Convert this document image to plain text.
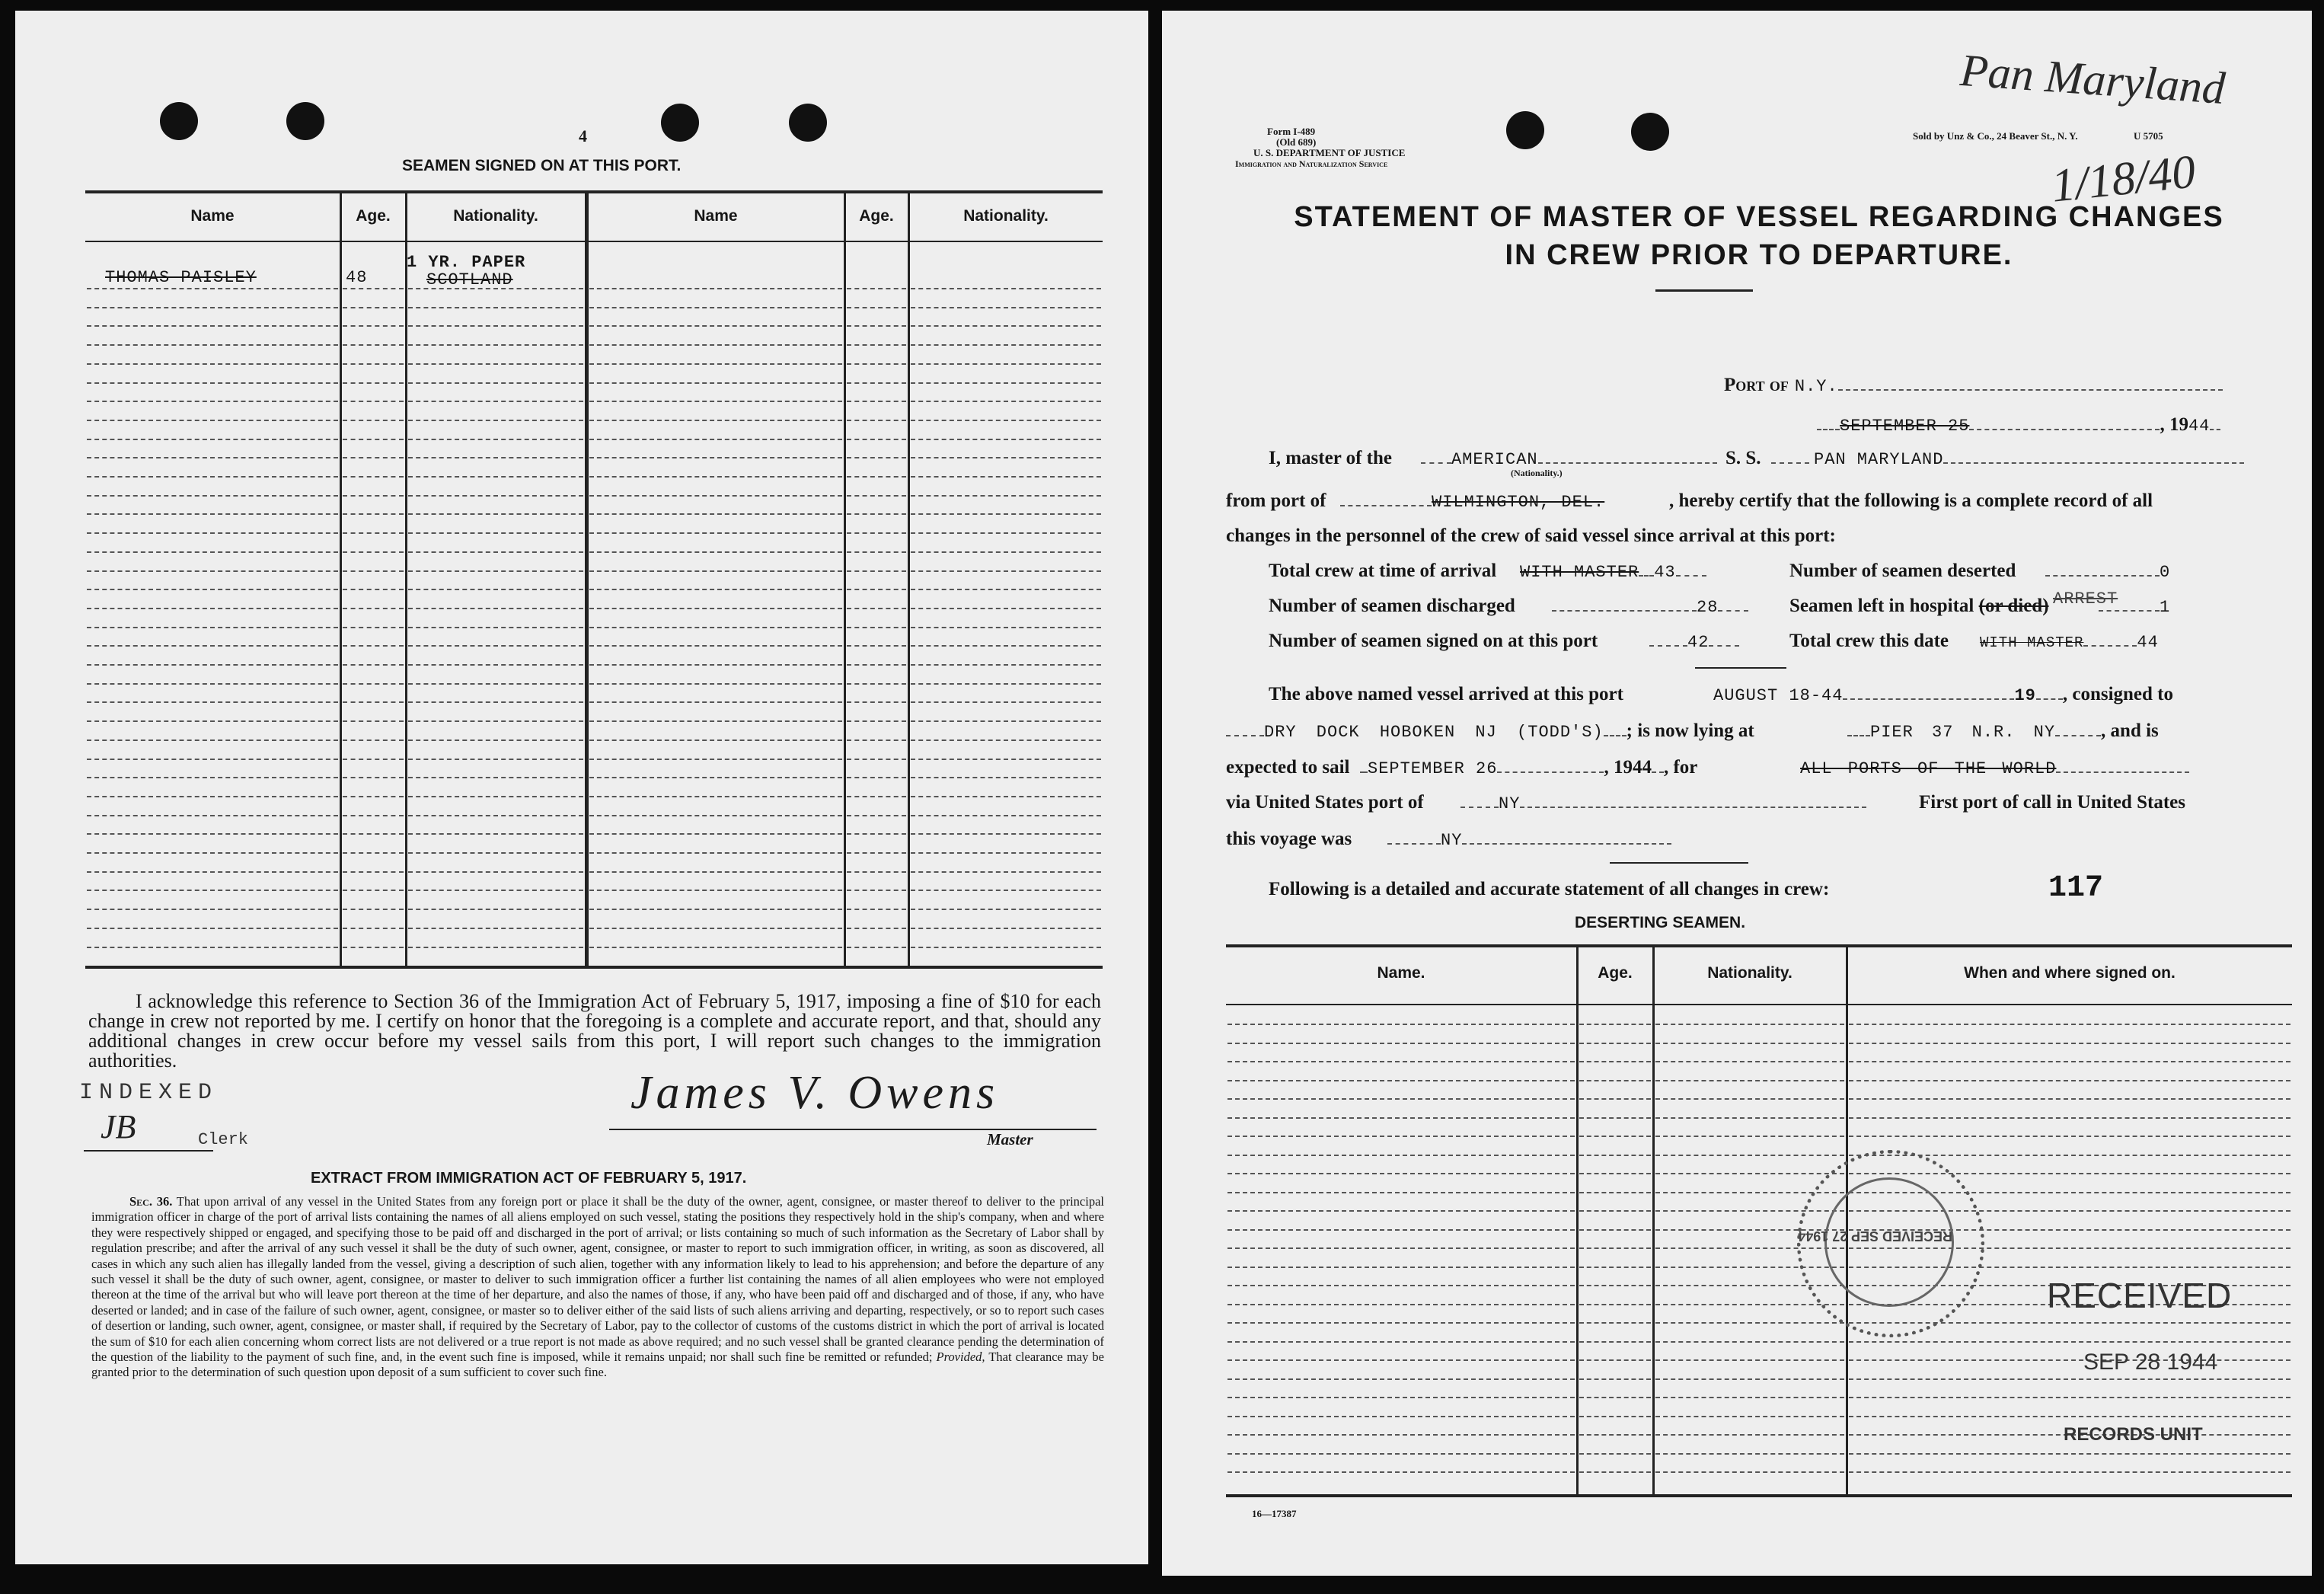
4
SEAMEN SIGNED ON AT THIS PORT.
Name	Age.	Nationality.	Name	Age.	Nationality.
THOMAS PAISLEY	48
1 YR. PAPER
SCOTLAND
I acknowledge this reference to Section 36 of the Immigration Act of February 5, 1917, imposing a fine of $10 for each change in crew not reported by me. I certify on honor that the foregoing is a complete and accurate report, and that, should any additional changes in crew occur before my vessel sails from this port, I will report such changes to the immigration authorities.
INDEXED
JB	Clerk
James V. Owens
Master
EXTRACT FROM IMMIGRATION ACT OF FEBRUARY 5, 1917.
Sec. 36. That upon arrival of any vessel in the United States from any foreign port or place it shall be the duty of the owner, agent, consignee, or master thereof to deliver to the principal immigration officer in charge of the port of arrival lists containing the names of all aliens employed on such vessel, stating the positions they respectively hold in the ship's company, when and where they were respectively shipped or engaged, and specifying those to be paid off and discharged in the port of arrival; or lists containing so much of such information as the Secretary of Labor shall by regulation prescribe; and after the arrival of any such vessel it shall be the duty of such owner, agent, consignee, or master to report to such immigration officer, in writing, as soon as discovered, all cases in which any such alien has illegally landed from the vessel, giving a description of such alien, together with any information likely to lead to his apprehension; and before the departure of any such vessel it shall be the duty of such owner, agent, consignee, or master to deliver to such immigration officer a further list containing the names of all alien employees who were not employed thereon at the time of the arrival but who will leave port thereon at the time of her departure, and also the names of those, if any, who have been paid off and discharged and of those, if any, who have deserted or landed; and in case of the failure of such owner, agent, consignee, or master so to deliver either of the said lists of such aliens arriving and departing, respectively, or so to report such cases of desertion or landing, such owner, agent, consignee, or master shall, if required by the Secretary of Labor, pay to the collector of customs of the customs district in which the port of arrival is located the sum of $10 for each alien concerning whom correct lists are not delivered or a true report is not made as above required; and no such vessel shall be granted clearance pending the determination of the question of the liability to the payment of such fine, and, in the event such fine is imposed, while it remains unpaid; nor shall such fine be remitted or refunded; Provided, That clearance may be granted prior to the determination of such question upon deposit of a sum sufficient to cover such fine.
Form I-489
(Old 689)
U. S. DEPARTMENT OF JUSTICE
Immigration and Naturalization Service
Sold by Unz & Co., 24 Beaver St., N. Y.	U 5705
Pan Maryland
1/18/40
STATEMENT OF MASTER OF VESSEL REGARDING CHANGES
IN CREW PRIOR TO DEPARTURE.
Port of N.Y.
SEPTEMBER 25	, 1944
I, master of the	AMERICAN
(Nationality.)
S. S.	PAN MARYLAND
from port of	WILMINGTON, DEL.	, hereby certify that the following is a complete record of all
changes in the personnel of the crew of said vessel since arrival at this port:
Total crew at time of arrival WITH MASTER 43	Number of seamen deserted	0
Number of seamen discharged	28	Seamen left in hospital (or died) ARREST	1
Number of seamen signed on at this port	42	Total crew this date WITH MASTER	44
The above named vessel arrived at this port	AUGUST 18-44	19 , consigned to
DRY DOCK HOBOKEN NJ (TODD'S) ; is now lying at	PIER 37 N.R. NY , and is
expected to sail	SEPTEMBER 26	, 1944 , for	ALL PORTS OF THE WORLD
via United States port of	NY	First port of call in United States
this voyage was	NY
Following is a detailed and accurate statement of all changes in crew:	117
DESERTING SEAMEN.
Name.	Age.	Nationality.	When and where signed on.
RECEIVED SEP 27 1944
RECEIVED
SEP 28 1944
RECORDS UNIT
16—17387
